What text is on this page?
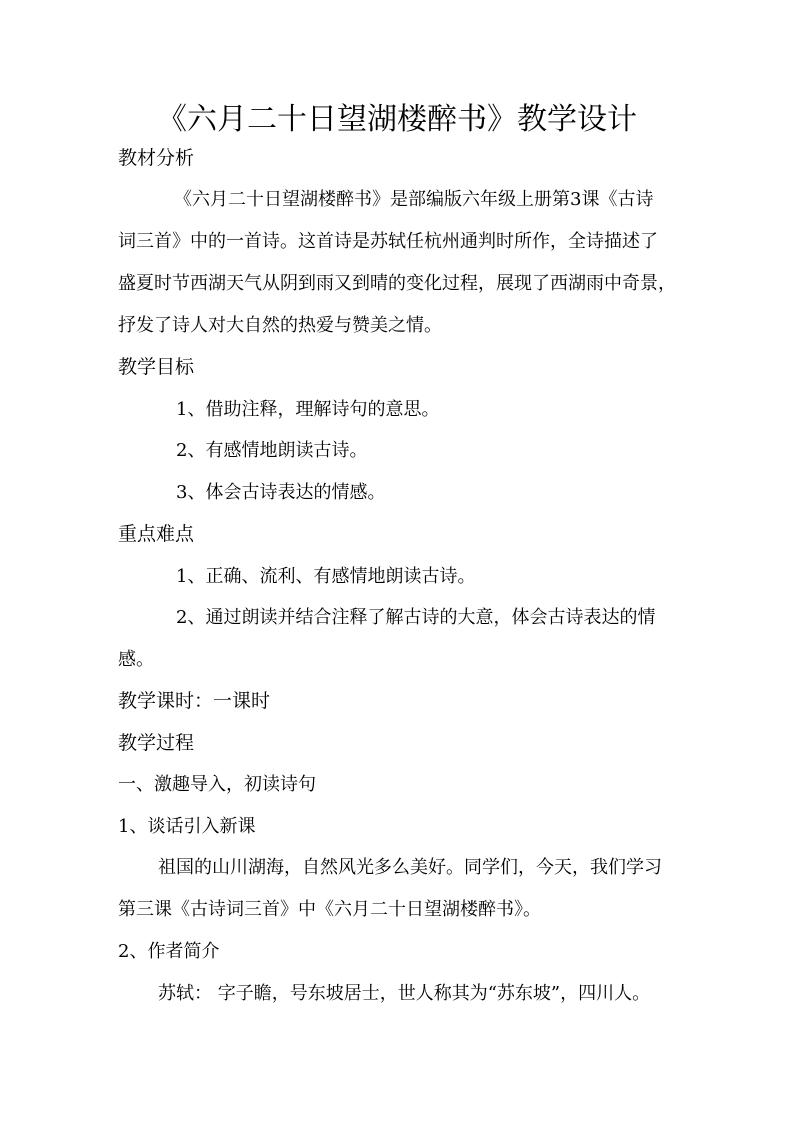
《六月二十日望湖楼醉书》教学设计
教材分析
《六月二十日望湖楼醉书》是部编版六年级上册第3课《古诗
词三首》中的一首诗。这首诗是苏轼任杭州通判时所作，全诗描述了
盛夏时节西湖天气从阴到雨又到晴的变化过程，展现了西湖雨中奇景，
抒发了诗人对大自然的热爱与赞美之情。
教学目标
1、借助注释，理解诗句的意思。
2、有感情地朗读古诗。
3、体会古诗表达的情感。
重点难点
1、正确、流利、有感情地朗读古诗。
2、通过朗读并结合注释了解古诗的大意，体会古诗表达的情
感。
教学课时：一课时
教学过程
一、激趣导入，初读诗句
1、谈话引入新课
祖国的山川湖海，自然风光多么美好。同学们，今天，我们学习
第三课《古诗词三首》中《六月二十日望湖楼醉书》。
2、作者简介
苏轼： 字子瞻，号东坡居士，世人称其为“苏东坡”，四川人。
